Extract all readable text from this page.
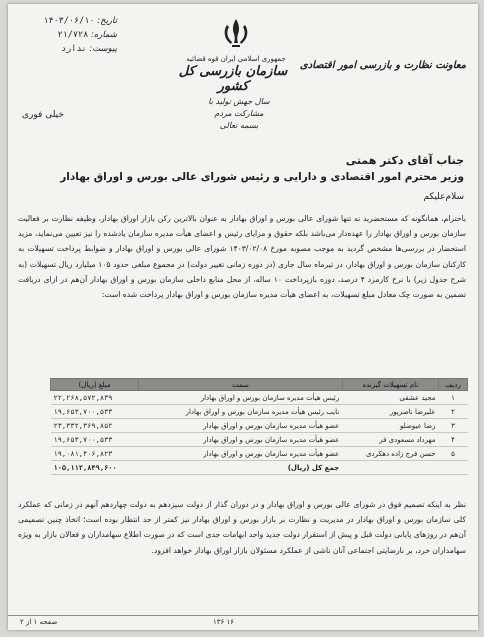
تاریخ: ۱۴۰۳/۰۶/۱۰
شماره: ۲۱/۷۲۸
پیوست: ندارد
خیلی فوری
جمهوری اسلامی ایران قوه قضائیه
سازمان بازرسی کل کشور
معاونت نظارت و بازرسی امور اقتصادی
سال جهش تولید با مشارکت مردم
بسمه تعالی
جناب آقای دکتر همتی
وزیر محترم امور اقتصادی و دارایی و رئیس شورای عالی بورس و اوراق بهادار
سلام‌علیکم

باحترام، همانگونه که مستحضرید نه تنها شورای عالی بورس و اوراق بهادار به عنوان بالاترین رکن بازار اوراق بهادار، وظیفه نظارت بر فعالیت سازمان بورس و اوراق بهادار را عهده‌دار می‌باشد بلکه حقوق و مزایای رئیس و اعضای هیأت مدیره سازمان یادشده را نیز تعیین می‌نماید، مزید استحضار در بررسی‌ها مشخص گردید به موجب مصوبه مورخ ۱۴۰۳/۰۲/۰۸ شورای عالی بورس و اوراق بهادار و ضوابط پرداخت تسهیلات به کارکنان سازمان بورس و اوراق بهادار، در تیرماه سال جاری (در دوره زمانی تغییر دولت) در مجموع مبلغی حدود ۱۰۵ میلیارد ریال تسهیلات (به شرح جدول زیر) با نرخ کارمزد ۴ درصد، دوره بازپرداخت ۱۰ ساله، از محل منابع داخلی سازمان بورس و اوراق بهادار آن‌هم در ازای دریافت تضمین به صورت چک معادل مبلغ تسهیلات، به اعضای هیأت مدیره سازمان بورس و اوراق بهادار پرداخت شده است:

ردیف	نام تسهیلات گیرنده	سمت	مبلغ (ریال)
۱	مجید عشقی	رئیس هیأت مدیره سازمان بورس و اوراق بهادار	۲۲,۲۶۸,۵۷۲,۸۳۹
۲	علیرضا ناصرپور	نایب رئیس هیأت مدیره سازمان بورس و اوراق بهادار	۱۹,۶۵۳,۷۰۰,۵۳۳
۳	رضا عیوضلو	عضو هیأت مدیره سازمان بورس و اوراق بهادار	۲۳,۳۳۲,۳۶۹,۸۵۲
۴	مهرداد مسعودی فر	عضو هیأت مدیره سازمان بورس و اوراق بهادار	۱۹,۶۵۳,۷۰۰,۵۳۳
۵	حسن فرج زاده دهکردی	عضو هیأت مدیره سازمان بورس و اوراق بهادار	۱۹,۰۸۱,۴۰۶,۸۲۳
		جمع کل (ریال)	۱۰۵,۱۱۲,۸۴۹,۶۰۰

نظر به اینکه تصمیم فوق در شورای عالی بورس و اوراق بهادار و در دوران گذار از دولت سیزدهم به دولت چهاردهم آنهم در زمانی که عملکرد کلی سازمان بورس و اوراق بهادار در مدیریت و نظارت بر بازار بورس و اوراق بهادار نیز کمتر از حد انتظار بوده است؛ اتخاذ چنین تصمیمی آن‌هم در روزهای پایانی دولت قبل و پیش از استقرار دولت جدید واجد ابهامات جدی است که در صورت اطلاع سهامداران و فعالان بازار به ویژه سهامداران خرد، بر نارضایتی اجتماعی آنان ناشی از عملکرد مسئولان بازار اوراق بهادار خواهد افزود.

صفحه ۱ از ۲	۱۳۶ ۱۶
